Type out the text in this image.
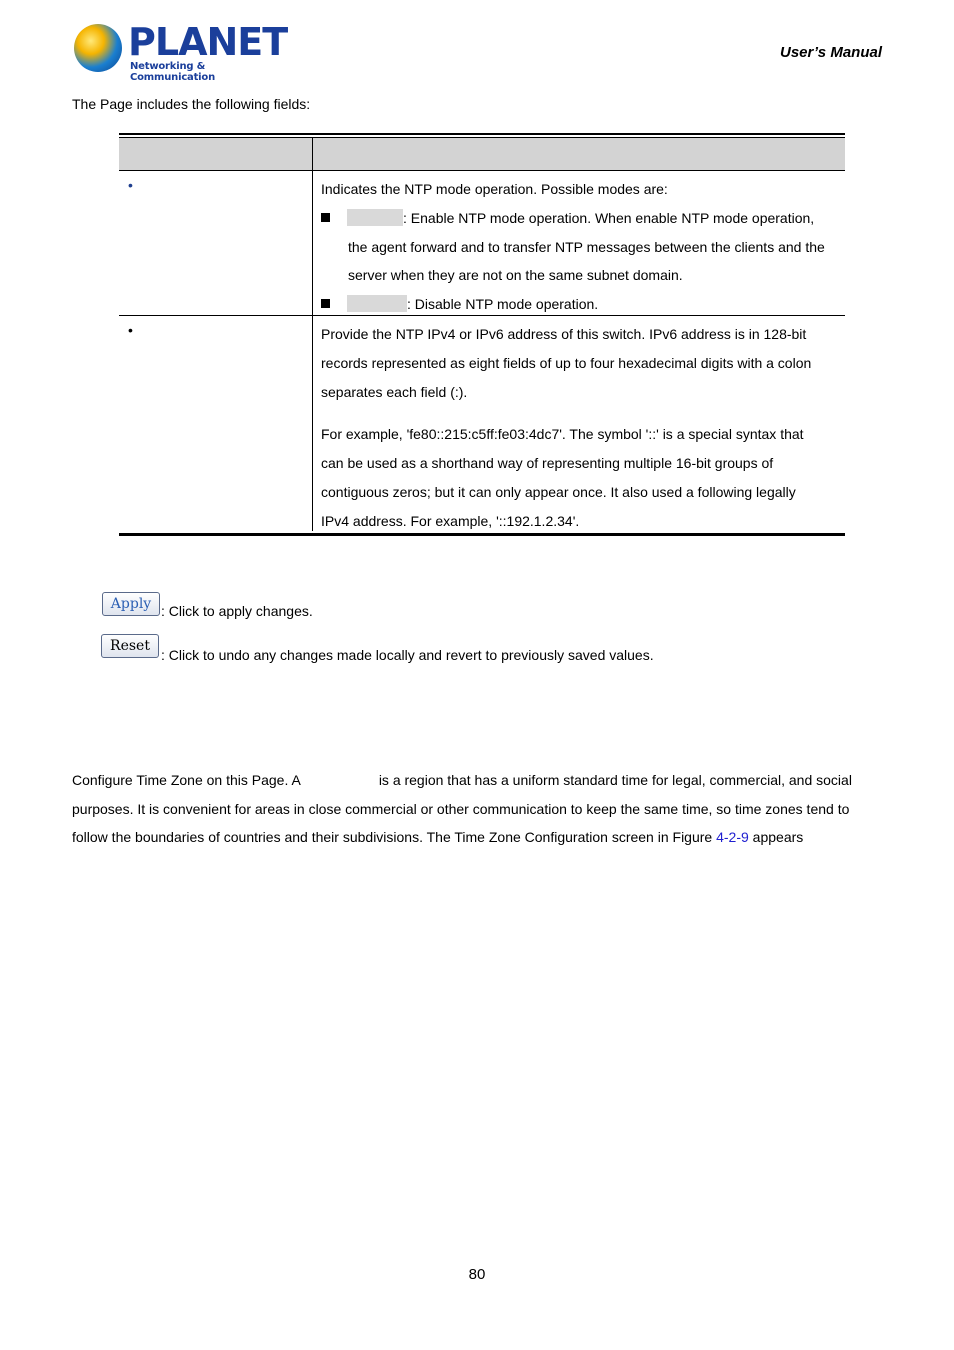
PLANET
Networking & Communication
User’s Manual
The Page includes the following fields:
•	Indicates the NTP mode operation. Possible modes are:
: Enable NTP mode operation. When enable NTP mode operation,
the agent forward and to transfer NTP messages between the clients and the
server when they are not on the same subnet domain.
: Disable NTP mode operation.
•	Provide the NTP IPv4 or IPv6 address of this switch. IPv6 address is in 128-bit
records represented as eight fields of up to four hexadecimal digits with a colon
separates each field (:).
For example, 'fe80::215:c5ff:fe03:4dc7'. The symbol '::' is a special syntax that
can be used as a shorthand way of representing multiple 16-bit groups of
contiguous zeros; but it can only appear once. It also used a following legally
IPv4 address. For example, '::192.1.2.34'.
Apply : Click to apply changes.
Reset
: Click to undo any changes made locally and revert to previously saved values.
Configure Time Zone on this Page. A	is a region that has a uniform standard time for legal, commercial, and social
purposes. It is convenient for areas in close commercial or other communication to keep the same time, so time zones tend to
follow the boundaries of countries and their subdivisions. The Time Zone Configuration screen in Figure 4-2-9 appears
80
